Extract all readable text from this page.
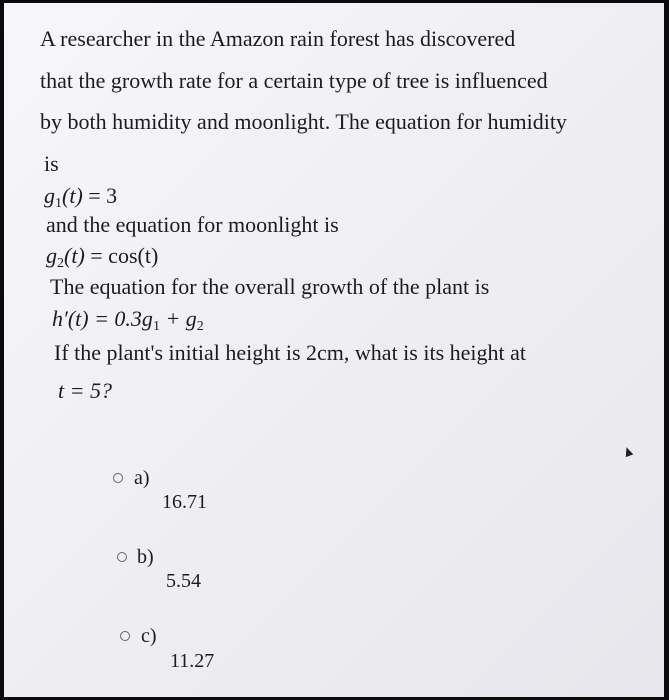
A researcher in the Amazon rain forest has discovered
that the growth rate for a certain type of tree is influenced
by both humidity and moonlight. The equation for humidity
is
$g_1(t) = 3$
and the equation for moonlight is
$g_2(t) = \cos(t)$
The equation for the overall growth of the plant is
$h'(t) = 0.3g_1 + g_2$
If the plant's initial height is 2cm, what is its height at
t = 5?
a)
16.71
b)
5.54
c)
11.27
